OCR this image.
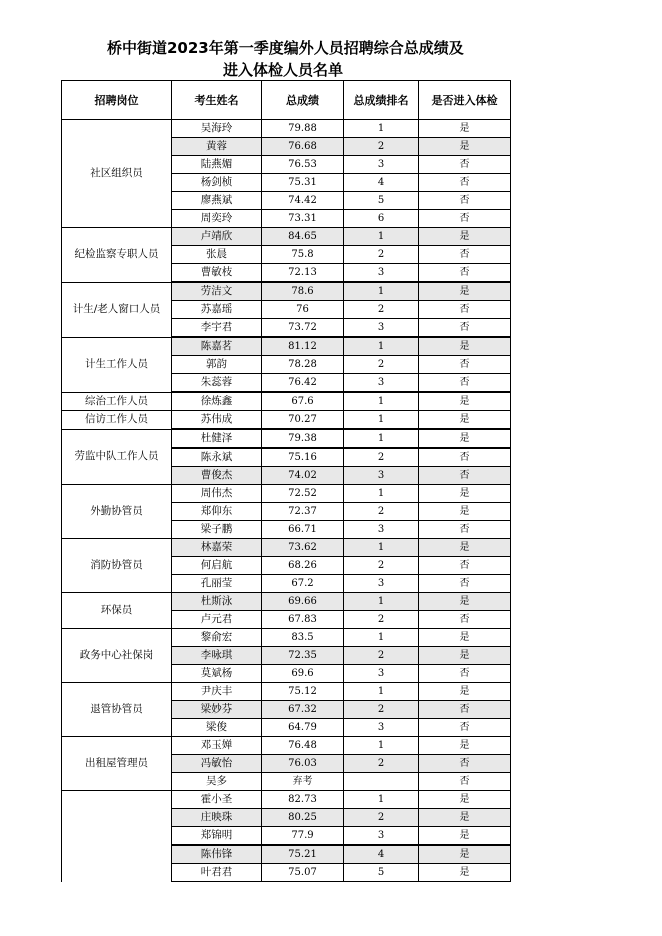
桥中街道2023年第一季度编外人员招聘综合总成绩及
进入体检人员名单
招聘岗位	考生姓名	总成绩	总成绩排名	是否进入体检
社区组织员	吴海玲	79.88	1	是
	黄蓉	76.68	2	是
	陆燕媚	76.53	3	否
	杨剑桢	75.31	4	否
	廖燕斌	74.42	5	否
	周奕玲	73.31	6	否
纪检监察专职人员	卢靖欣	84.65	1	是
	张晨	75.8	2	否
	曹敏枝	72.13	3	否
计生/老人窗口人员	劳洁文	78.6	1	是
	苏嘉瑶	76	2	否
	李宇君	73.72	3	否
计生工作人员	陈嘉茗	81.12	1	是
	郭韵	78.28	2	否
	朱蕊蓉	76.42	3	否
综治工作人员	徐炼鑫	67.6	1	是
信访工作人员	苏伟成	70.27	1	是
劳监中队工作人员	杜健泽	79.38	1	是
	陈永斌	75.16	2	否
	曹俊杰	74.02	3	否
外勤协管员	周伟杰	72.52	1	是
	郑仰东	72.37	2	是
	梁子鹏	66.71	3	否
消防协管员	林嘉荣	73.62	1	是
	何启航	68.26	2	否
	孔丽莹	67.2	3	否
环保员	杜斯泳	69.66	1	是
	卢元君	67.83	2	否
政务中心社保岗	黎俞宏	83.5	1	是
	李咏琪	72.35	2	是
	莫斌杨	69.6	3	否
退管协管员	尹庆丰	75.12	1	是
	梁妙芬	67.32	2	否
	梁俊	64.79	3	否
出租屋管理员	邓玉婵	76.48	1	是
	冯敏怡	76.03	2	否
	吴多	弃考		否
	霍小圣	82.73	1	是
	庄映珠	80.25	2	是
	郑锦明	77.9	3	是
	陈伟锋	75.21	4	是
	叶君君	75.07	5	是
